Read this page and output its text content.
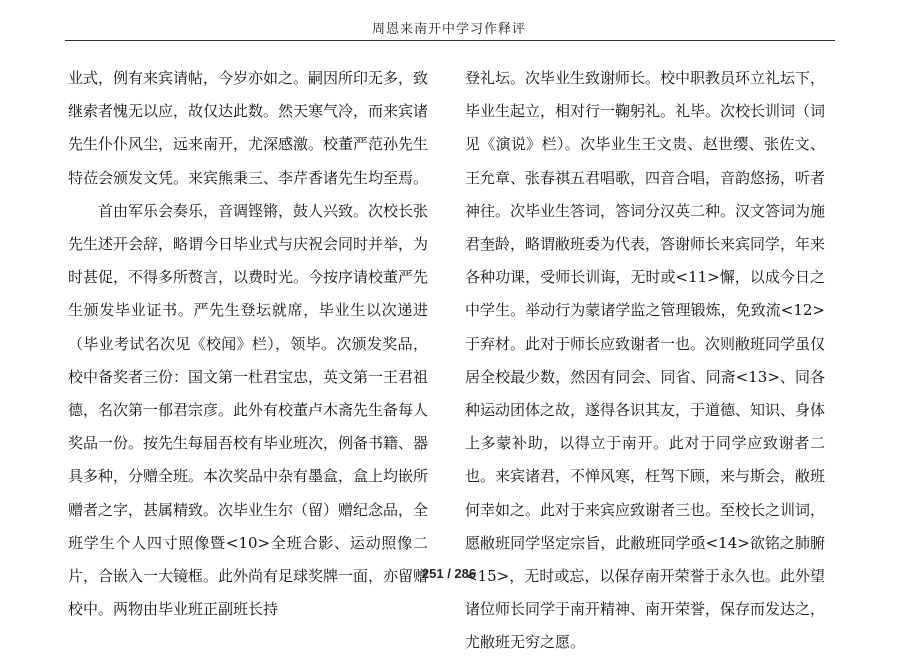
周恩来南开中学习作释评

业式，例有来宾请帖，今岁亦如之。嗣因所印无多，致继索者愧无以应，故仅达此数。然天寒气冷，而来宾诸先生仆仆风尘，远来南开，尤深感激。校董严范孙先生特莅会颁发文凭。来宾熊秉三、李芹香诸先生均至焉。

首由军乐会奏乐，音调铿锵，鼓人兴致。次校长张先生述开会辞，略谓今日毕业式与庆祝会同时并举，为时甚促，不得多所赘言，以费时光。今按序请校董严先生颁发毕业证书。严先生登坛就席，毕业生以次递进（毕业考试名次见《校闻》栏），领毕。次颁发奖品，校中备奖者三份：国文第一杜君宝忠，英文第一王君祖德，名次第一郁君宗彦。此外有校董卢木斋先生备每人奖品一份。按先生每届吾校有毕业班次，例备书籍、器具多种，分赠全班。本次奖品中杂有墨盒，盒上均嵌所赠者之字，甚属精致。次毕业生尔（留）赠纪念品，全班学生个人四寸照像暨<10>全班合影、运动照像二片，合嵌入一大镜框。此外尚有足球奖牌一面，亦留赠校中。两物由毕业班正副班长持

登礼坛。次毕业生致谢师长。校中职教员环立礼坛下，毕业生起立，相对行一鞠躬礼。礼毕。次校长训词（词见《演说》栏）。次毕业生王文贵、赵世缨、张佐文、王允章、张春祺五君唱歌，四音合唱，音韵悠扬，听者神往。次毕业生答词，答词分汉英二种。汉文答词为施君奎龄，略谓敝班委为代表，答谢师长来宾同学，年来各种功课，受师长训诲，无时或<11>懈，以成今日之中学生。举动行为蒙诸学监之管理锻炼，免致流<12>于弃材。此对于师长应致谢者一也。次则敝班同学虽仅居全校最少数，然因有同会、同省、同斋<13>、同各种运动团体之故，遂得各识其友，于道德、知识、身体上多蒙补助，以得立于南开。此对于同学应致谢者二也。来宾诸君，不惮风寒，枉驾下顾，来与斯会，敝班何幸如之。此对于来宾应致谢者三也。至校长之训词，愿敝班同学坚定宗旨，此敝班同学亟<14>欲铭之肺腑<15>，无时或忘，以保存南开荣誉于永久也。此外望诸位师长同学于南开精神、南开荣誉，保存而发达之，尤敝班无穷之愿。

251 / 286
